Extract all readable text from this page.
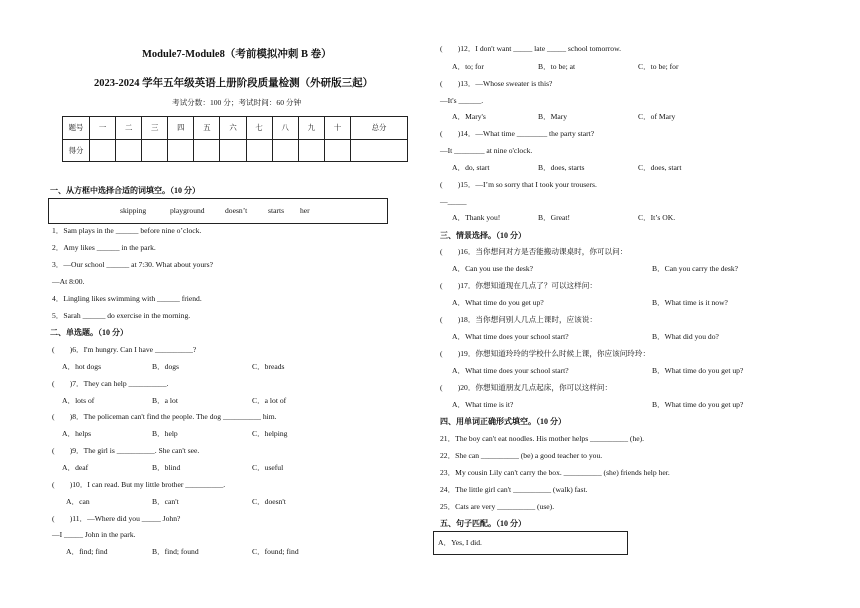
Module7-Module8（考前模拟冲刺 B 卷）
2023-2024 学年五年级英语上册阶段质量检测（外研版三起）
考试分数：100 分；考试时间：60 分钟
题号	一	二	三	四	五	六	七	八	九	十	总分
得分											
一、从方框中选择合适的词填空。（10 分）
skipping	playground	doesn’t	starts her
1．Sam plays in the ______ before nine o’clock.
2．Amy likes ______ in the park.
3．—Our school ______ at 7:30. What about yours?
—At 8:00.
4．Lingling likes swimming with ______ friend.
5．Sarah ______ do exercise in the morning.
二、单选题。（10 分）
(　　)6．I'm hungry. Can I have __________?
A．hot dogs	B．dogs	C．breads
(　　)7．They can help __________.
A．lots of	B．a lot	C．a lot of
(　　)8．The policeman can't find the people. The dog __________ him.
A．helps	B．help	C．helping
(　　)9．The girl is __________. She can't see.
A．deaf	B．blind	C．useful
(　　)10．I can read. But my little brother __________.
A．can	B．can't	C．doesn't
(　　)11．—Where did you _____ John?
—I _____ John in the park.
A．find; find	B．find; found	C．found; find
(　　)12．I don't want _____ late _____ school tomorrow.
A．to; for	B．to be; at	C．to be; for
(　　)13．—Whose sweater is this?
—It's ______.
A．Mary's	B．Mary	C．of Mary
(　　)14．—What time ________ the party start?
—It ________ at nine o'clock.
A．do, start	B．does, starts	C．does, start
(　　)15．—I’m so sorry that I took your trousers.
—_____
A．Thank you!	B．Great!	C．It’s OK.
三、情景选择。（10 分）
(　　)16．当你想问对方是否能搬动课桌时，你可以问：
A．Can you use the desk?	B．Can you carry the desk?
(　　)17．你想知道现在几点了？可以这样问：
A．What time do you get up?	B．What time is it now?
(　　)18．当你想问别人几点上课时，应该说：
A．What time does your school start?	B．What did you do?
(　　)19．你想知道玲玲的学校什么时候上课，你应该问玲玲：
A．What time does your school start?	B．What time do you get up?
(　　)20．你想知道朋友几点起床，你可以这样问：
A．What time is it?	B．What time do you get up?
四、用单词正确形式填空。（10 分）
21．The boy can't eat noodles. His mother helps __________ (he).
22．She can __________ (be) a good teacher to you.
23．My cousin Lily can't carry the box. __________ (she) friends help her.
24．The little girl can't __________ (walk) fast.
25．Cats are very __________ (use).
五、句子匹配。（10 分）
A．Yes, I did.
